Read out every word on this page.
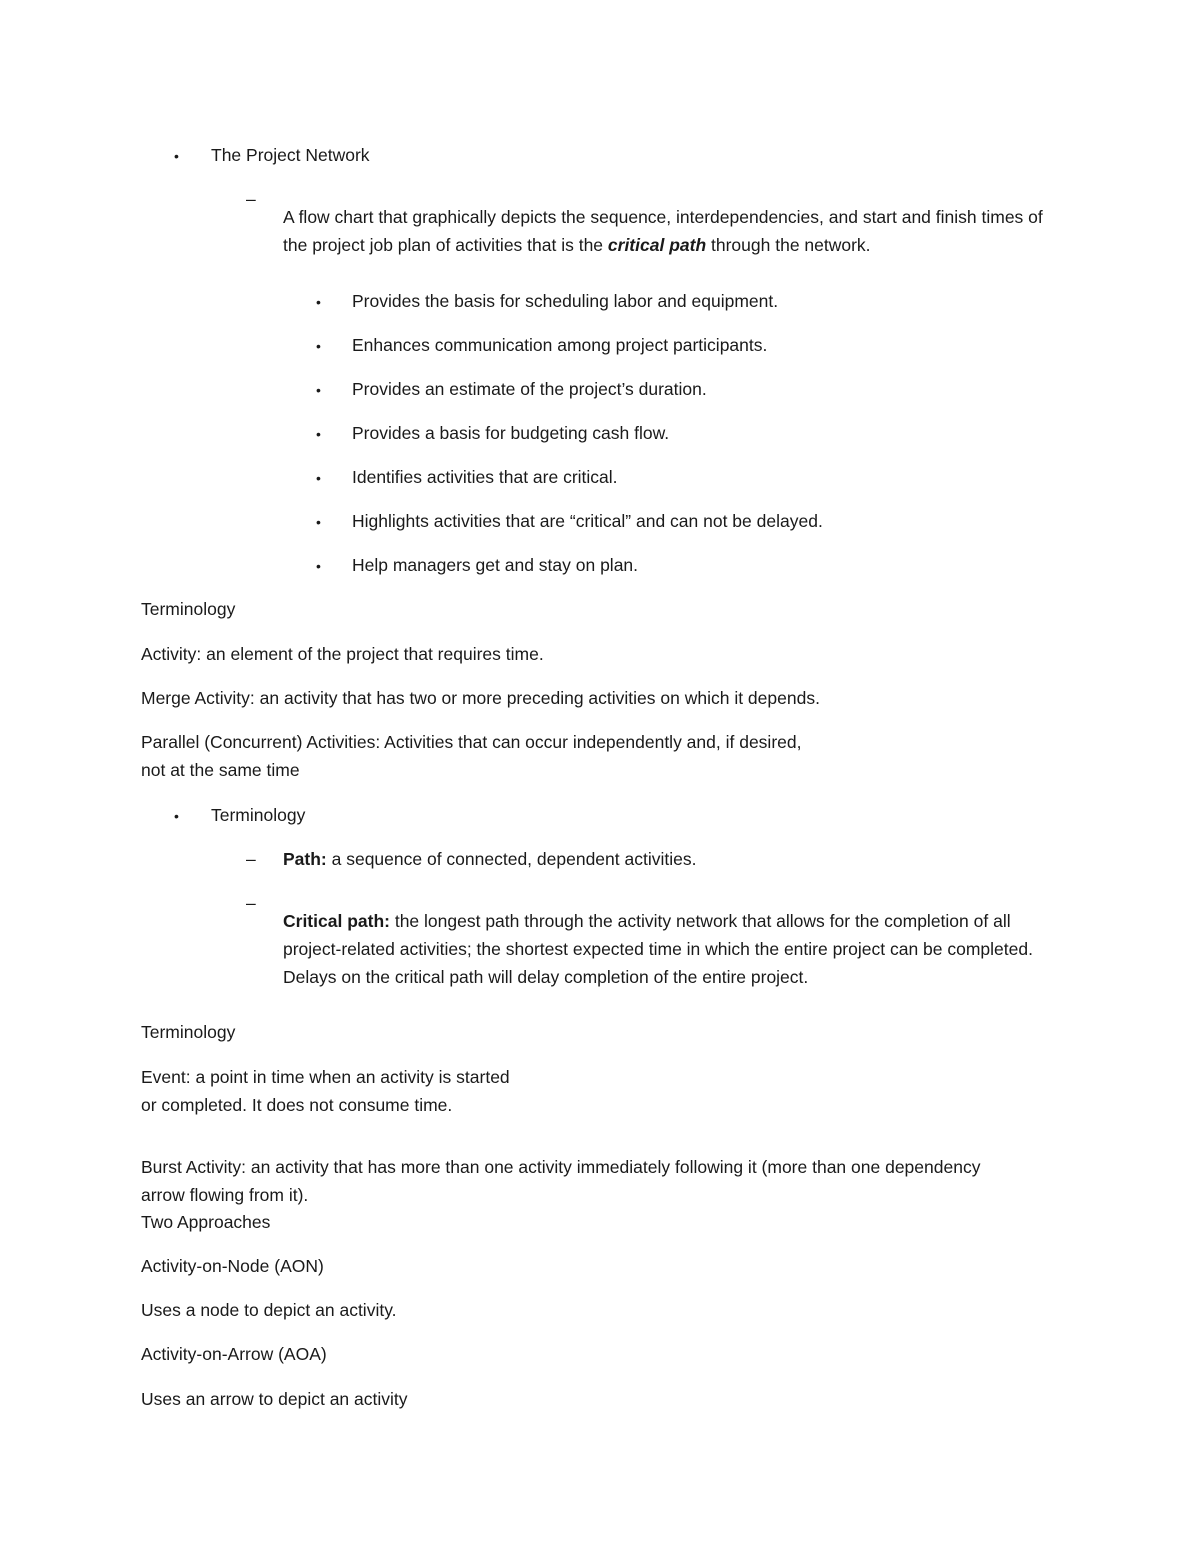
• The Project Network

–

A flow chart that graphically depicts the sequence, interdependencies, and start and finish times of the project job plan of activities that is the critical path through the network.

• Provides the basis for scheduling labor and equipment.

• Enhances communication among project participants.

• Provides an estimate of the project’s duration.

• Provides a basis for budgeting cash flow.

• Identifies activities that are critical.

• Highlights activities that are “critical” and can not be delayed.

• Help managers get and stay on plan.

Terminology

Activity: an element of the project that requires time.

Merge Activity: an activity that has two or more preceding activities on which it depends.

Parallel (Concurrent) Activities: Activities that can occur independently and, if desired,

not at the same time

• Terminology

– Path: a sequence of connected, dependent activities.

–

Critical path: the longest path through the activity network that allows for the completion of all project-related activities; the shortest expected time in which the entire project can be completed. Delays on the critical path will delay completion of the entire project.

Terminology

Event: a point in time when an activity is started

or completed. It does not consume time.

Burst Activity: an activity that has more than one activity immediately following it (more than one dependency arrow flowing from it).

Two Approaches

Activity-on-Node (AON)

Uses a node to depict an activity.

Activity-on-Arrow (AOA)

Uses an arrow to depict an activity
